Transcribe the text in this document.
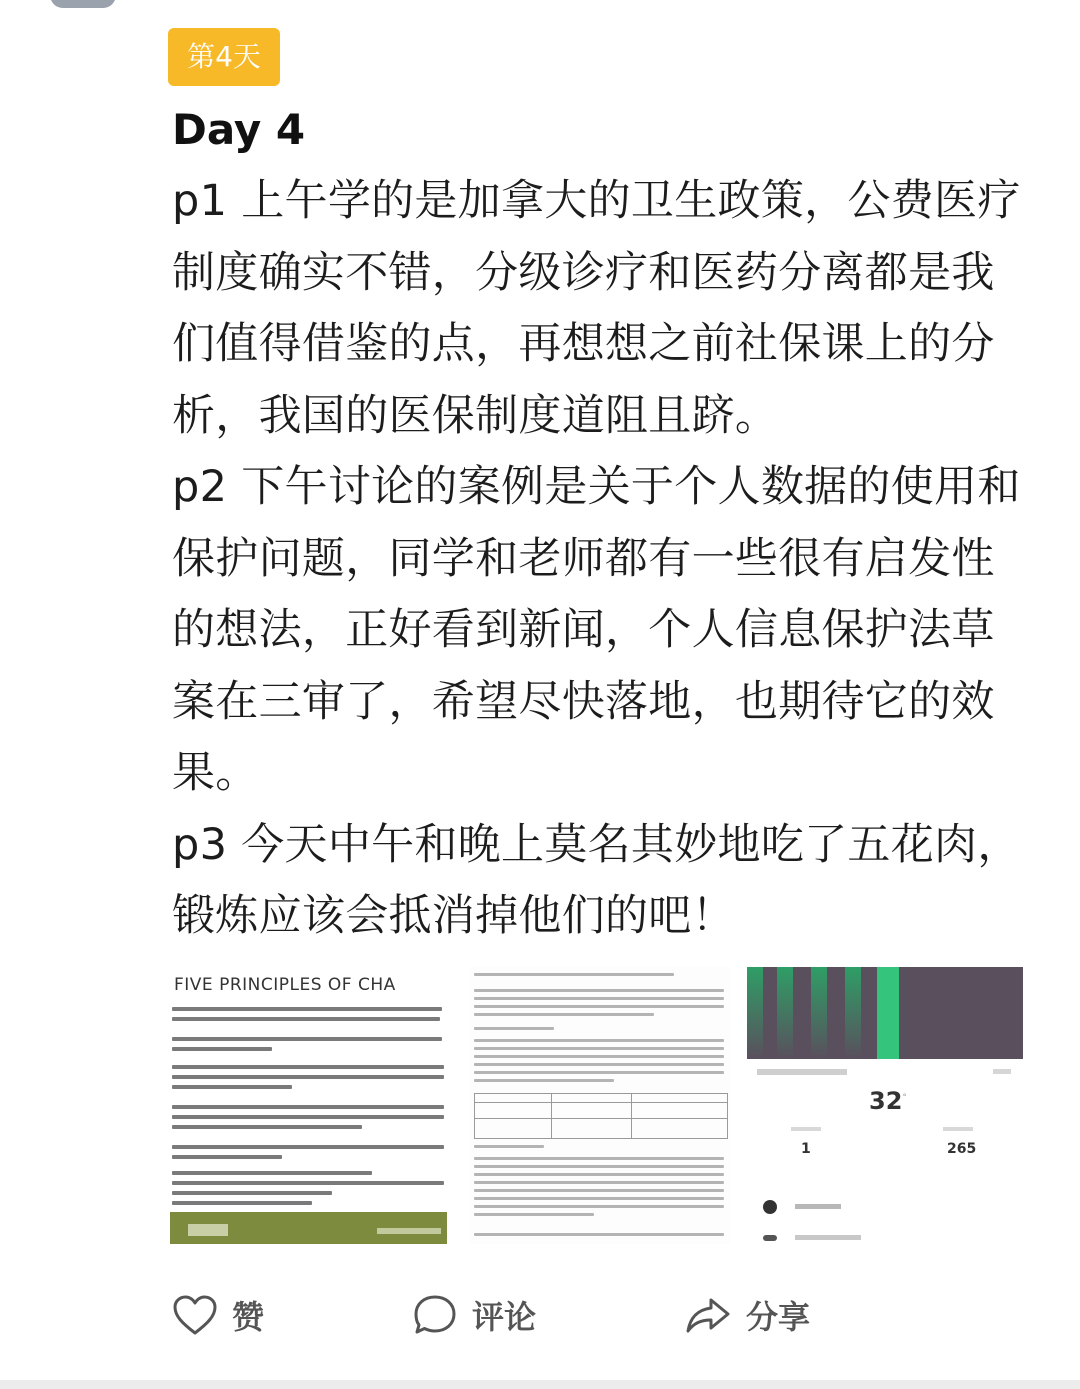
第4天
Day 4

p1 上午学的是加拿大的卫生政策，公费医疗
制度确实不错，分级诊疗和医药分离都是我
们值得借鉴的点，再想想之前社保课上的分
析，我国的医保制度道阻且跻。

p2 下午讨论的案例是关于个人数据的使用和
保护问题，同学和老师都有一些很有启发性
的想法，正好看到新闻，个人信息保护法草
案在三审了，希望尽快落地，也期待它的效
果。

p3 今天中午和晚上莫名其妙地吃了五花肉，
锻炼应该会抵消掉他们的吧！

FIVE PRINCIPLES OF CHA
32°
1	265
赞	评论	分享
